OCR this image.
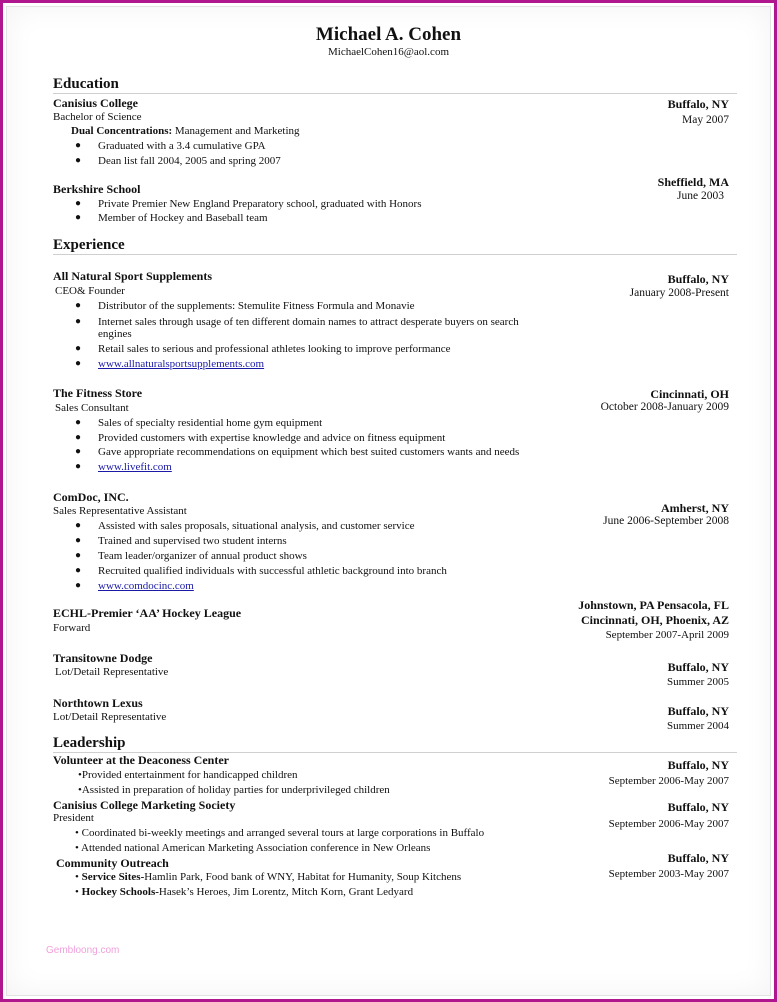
Michael A. Cohen
MichaelCohen16@aol.com
Education
Canisius College
Bachelor of Science
Dual Concentrations: Management and Marketing
● Graduated with a 3.4 cumulative GPA
● Dean list fall 2004, 2005 and spring 2007
Buffalo, NY
May 2007
Berkshire School
● Private Premier New England Preparatory school, graduated with Honors
● Member of Hockey and Baseball team
Sheffield, MA
June 2003
Experience
All Natural Sport Supplements
CEO& Founder
● Distributor of the supplements: Stemulite Fitness Formula and Monavie
● Internet sales through usage of ten different domain names to attract desperate buyers on search
engines
● Retail sales to serious and professional athletes looking to improve performance
● www.allnaturalsportsupplements.com
Buffalo, NY
January 2008-Present
The Fitness Store
Sales Consultant
● Sales of specialty residential home gym equipment
● Provided customers with expertise knowledge and advice on fitness equipment
● Gave appropriate recommendations on equipment which best suited customers wants and needs
● www.livefit.com
Cincinnati, OH
October 2008-January 2009
ComDoc, INC.
Sales Representative Assistant
● Assisted with sales proposals, situational analysis, and customer service
● Trained and supervised two student interns
● Team leader/organizer of annual product shows
● Recruited qualified individuals with successful athletic background into branch
● www.comdocinc.com
Amherst, NY
June 2006-September 2008
ECHL-Premier ‘AA’ Hockey League
Forward
Johnstown, PA Pensacola, FL
Cincinnati, OH, Phoenix, AZ
September 2007-April 2009
Transitowne Dodge
Lot/Detail Representative	Buffalo, NY
Summer 2005
Northtown Lexus
Lot/Detail Representative	Buffalo, NY
Summer 2004
Leadership
Volunteer at the Deaconess Center
•Provided entertainment for handicapped children
•Assisted in preparation of holiday parties for underprivileged children
Buffalo, NY
September 2006-May 2007
Canisius College Marketing Society
President
• Coordinated bi-weekly meetings and arranged several tours at large corporations in Buffalo
• Attended national American Marketing Association conference in New Orleans
Buffalo, NY
September 2006-May 2007
Community Outreach
• Service Sites-Hamlin Park, Food bank of WNY, Habitat for Humanity, Soup Kitchens
• Hockey Schools-Hasek’s Heroes, Jim Lorentz, Mitch Korn, Grant Ledyard
Buffalo, NY
September 2003-May 2007
Gembloong.com
